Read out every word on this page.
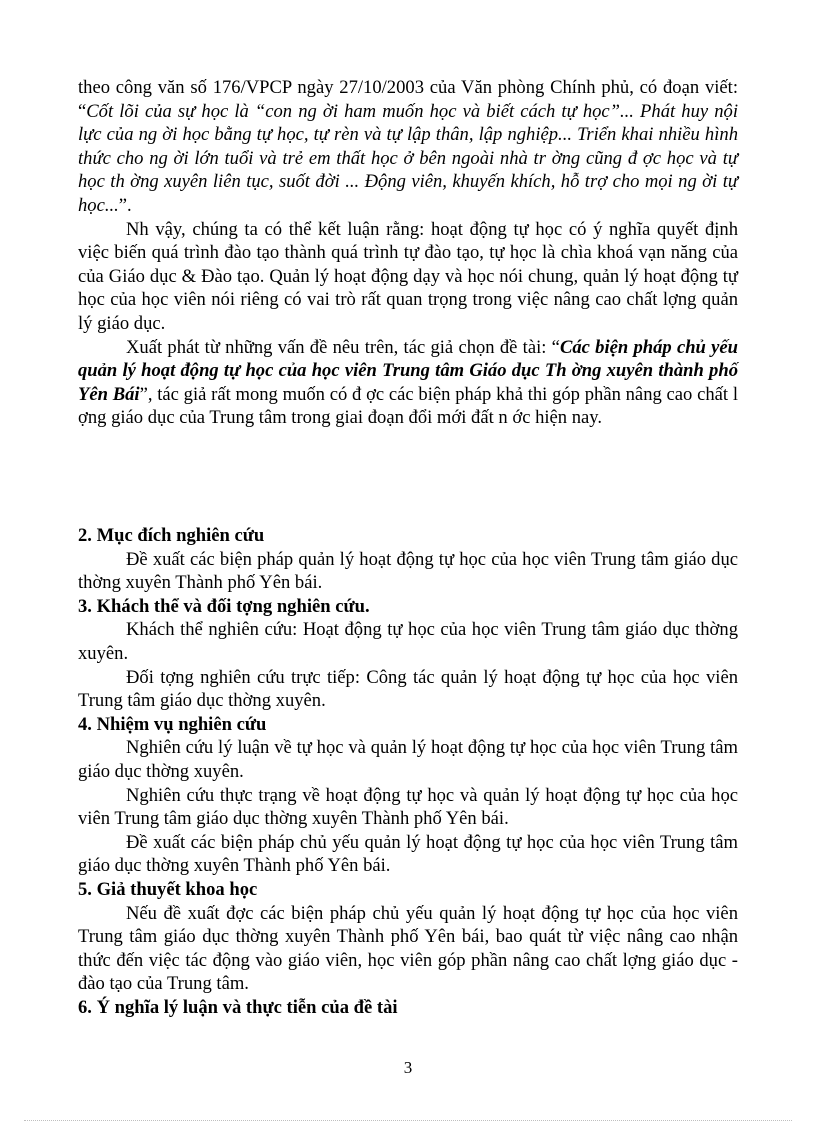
theo công văn số 176/VPCP ngày 27/10/2003 của Văn phòng Chính phủ, có đoạn viết: “Cốt lõi của sự học là “con ng ời ham muốn học và biết cách tự học”... Phát huy nội lực của ng ời học bằng tự học, tự rèn và tự lập thân, lập nghiệp... Triển khai nhiều hình thức cho ng ời lớn tuổi và trẻ em thất học ở bên ngoài nhà tr ờng cũng đ ợc học và tự học th ờng xuyên liên tục, suốt đời ... Động viên, khuyến khích, hỗ trợ cho mọi ng ời tự học...”.

Nh vậy, chúng ta có thể kết luận rằng: hoạt động tự học có ý nghĩa quyết định việc biến quá trình đào tạo thành quá trình tự đào tạo, tự học là chìa khoá vạn năng của của Giáo dục & Đào tạo. Quản lý hoạt động dạy và học nói chung, quản lý hoạt động tự học của học viên nói riêng có vai trò rất quan trọng trong việc nâng cao chất lợng quản lý giáo dục.

Xuất phát từ những vấn đề nêu trên, tác giả chọn đề tài: “Các biện pháp chủ yếu quản lý hoạt động tự học của học viên Trung tâm Giáo dục Th ờng xuyên thành phố Yên Bái”, tác giả rất mong muốn có đ ợc các biện pháp khả thi góp phần nâng cao chất l ợng giáo dục của Trung tâm trong giai đoạn đổi mới đất n ớc hiện nay.

2. Mục đích nghiên cứu

Đề xuất các biện pháp quản lý hoạt động tự học của học viên Trung tâm giáo dục thờng xuyên Thành phố Yên bái.

3. Khách thể và đối tợng nghiên cứu.

Khách thể nghiên cứu: Hoạt động tự học của học viên Trung tâm giáo dục thờng xuyên.

Đối tợng nghiên cứu trực tiếp: Công tác quản lý hoạt động tự học của học viên Trung tâm giáo dục thờng xuyên.

4. Nhiệm vụ nghiên cứu

Nghiên cứu lý luận về tự học và quản lý hoạt động tự học của học viên Trung tâm giáo dục thờng xuyên.

Nghiên cứu thực trạng về hoạt động tự học và quản lý hoạt động tự học của học viên Trung tâm giáo dục thờng xuyên Thành phố Yên bái.

Đề xuất các biện pháp chủ yếu quản lý hoạt động tự học của học viên Trung tâm giáo dục thờng xuyên Thành phố Yên bái.

5. Giả thuyết khoa học

Nếu đề xuất đợc các biện pháp chủ yếu quản lý hoạt động tự học của học viên Trung tâm giáo dục thờng xuyên Thành phố Yên bái, bao quát từ việc nâng cao nhận thức đến việc tác động vào giáo viên, học viên góp phần nâng cao chất lợng giáo dục - đào tạo của Trung tâm.

6. Ý nghĩa lý luận và thực tiễn của đề tài
3
